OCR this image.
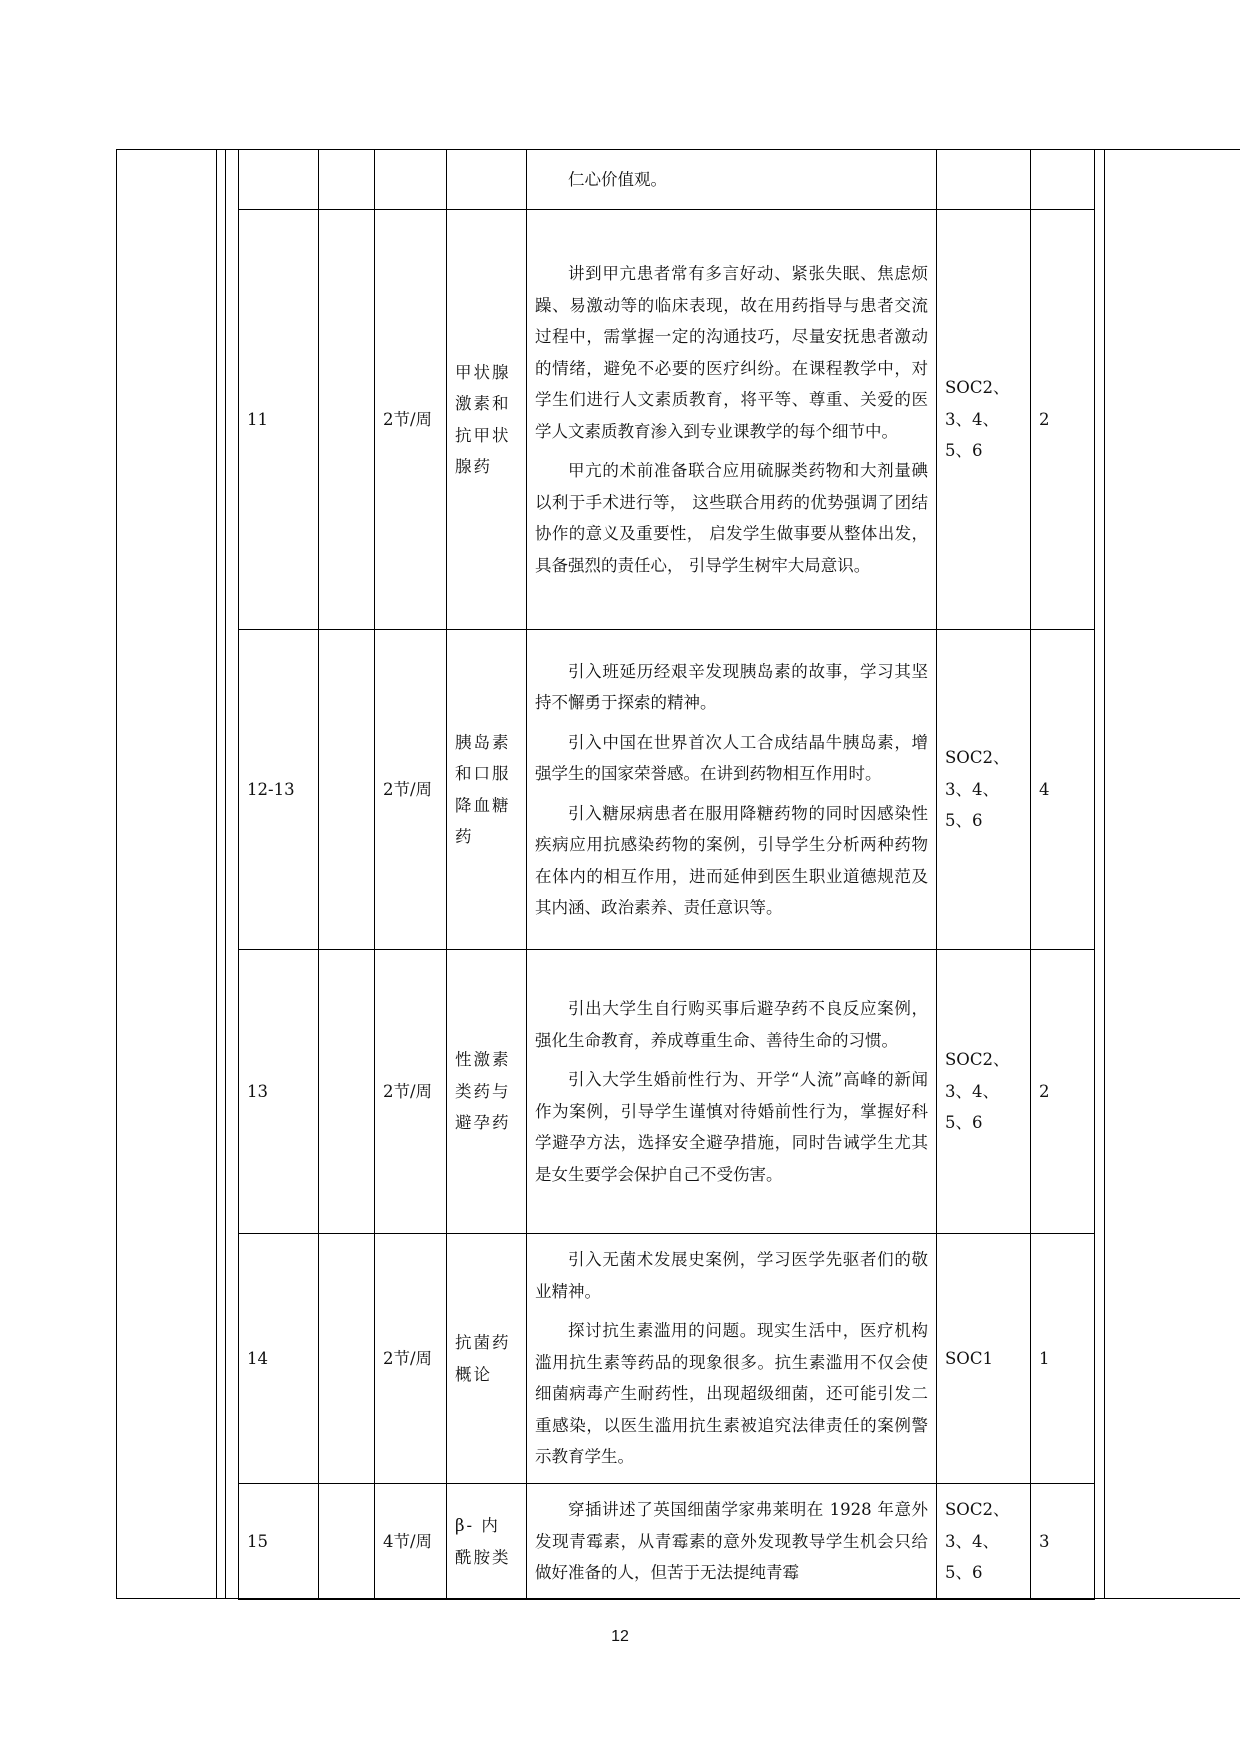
				仁心价值观。		

11		2节/周	甲状腺激素和抗甲状腺药	讲到甲亢患者常有多言好动、紧张失眠、焦虑烦躁、易激动等的临床表现，故在用药指导与患者交流过程中，需掌握一定的沟通技巧，尽量安抚患者激动的情绪，避免不必要的医疗纠纷。在课程教学中，对学生们进行人文素质教育，将平等、尊重、关爱的医学人文素质教育渗入到专业课教学的每个细节中。

甲亢的术前准备联合应用硫脲类药物和大剂量碘以利于手术进行等， 这些联合用药的优势强调了团结协作的意义及重要性， 启发学生做事要从整体出发， 具备强烈的责任心， 引导学生树牢大局意识。	SOC2、3、4、5、6	2
12-13		2节/周	胰岛素和口服降血糖药	引入班延历经艰辛发现胰岛素的故事，学习其坚持不懈勇于探索的精神。

引入中国在世界首次人工合成结晶牛胰岛素，增强学生的国家荣誉感。在讲到药物相互作用时。

引入糖尿病患者在服用降糖药物的同时因感染性疾病应用抗感染药物的案例，引导学生分析两种药物在体内的相互作用，进而延伸到医生职业道德规范及其内涵、政治素养、责任意识等。	SOC2、3、4、5、6	4
13		2节/周	性激素类药与避孕药	引出大学生自行购买事后避孕药不良反应案例，强化生命教育，养成尊重生命、善待生命的习惯。

引入大学生婚前性行为、开学“人流”高峰的新闻作为案例，引导学生谨慎对待婚前性行为，掌握好科学避孕方法，选择安全避孕措施，同时告诫学生尤其是女生要学会保护自己不受伤害。	SOC2、3、4、5、6	2
14		2节/周	抗菌药概论	引入无菌术发展史案例，学习医学先驱者们的敬业精神。

探讨抗生素滥用的问题。现实生活中，医疗机构滥用抗生素等药品的现象很多。抗生素滥用不仅会使细菌病毒产生耐药性，出现超级细菌，还可能引发二重感染，以医生滥用抗生素被追究法律责任的案例警示教育学生。	SOC1	1
15		4节/周	β- 内酰胺类	穿插讲述了英国细菌学家弗莱明在 1928 年意外发现青霉素，从青霉素的意外发现教导学生机会只给做好准备的人，但苦于无法提纯青霉	SOC2、3、4、5、6	3
12
